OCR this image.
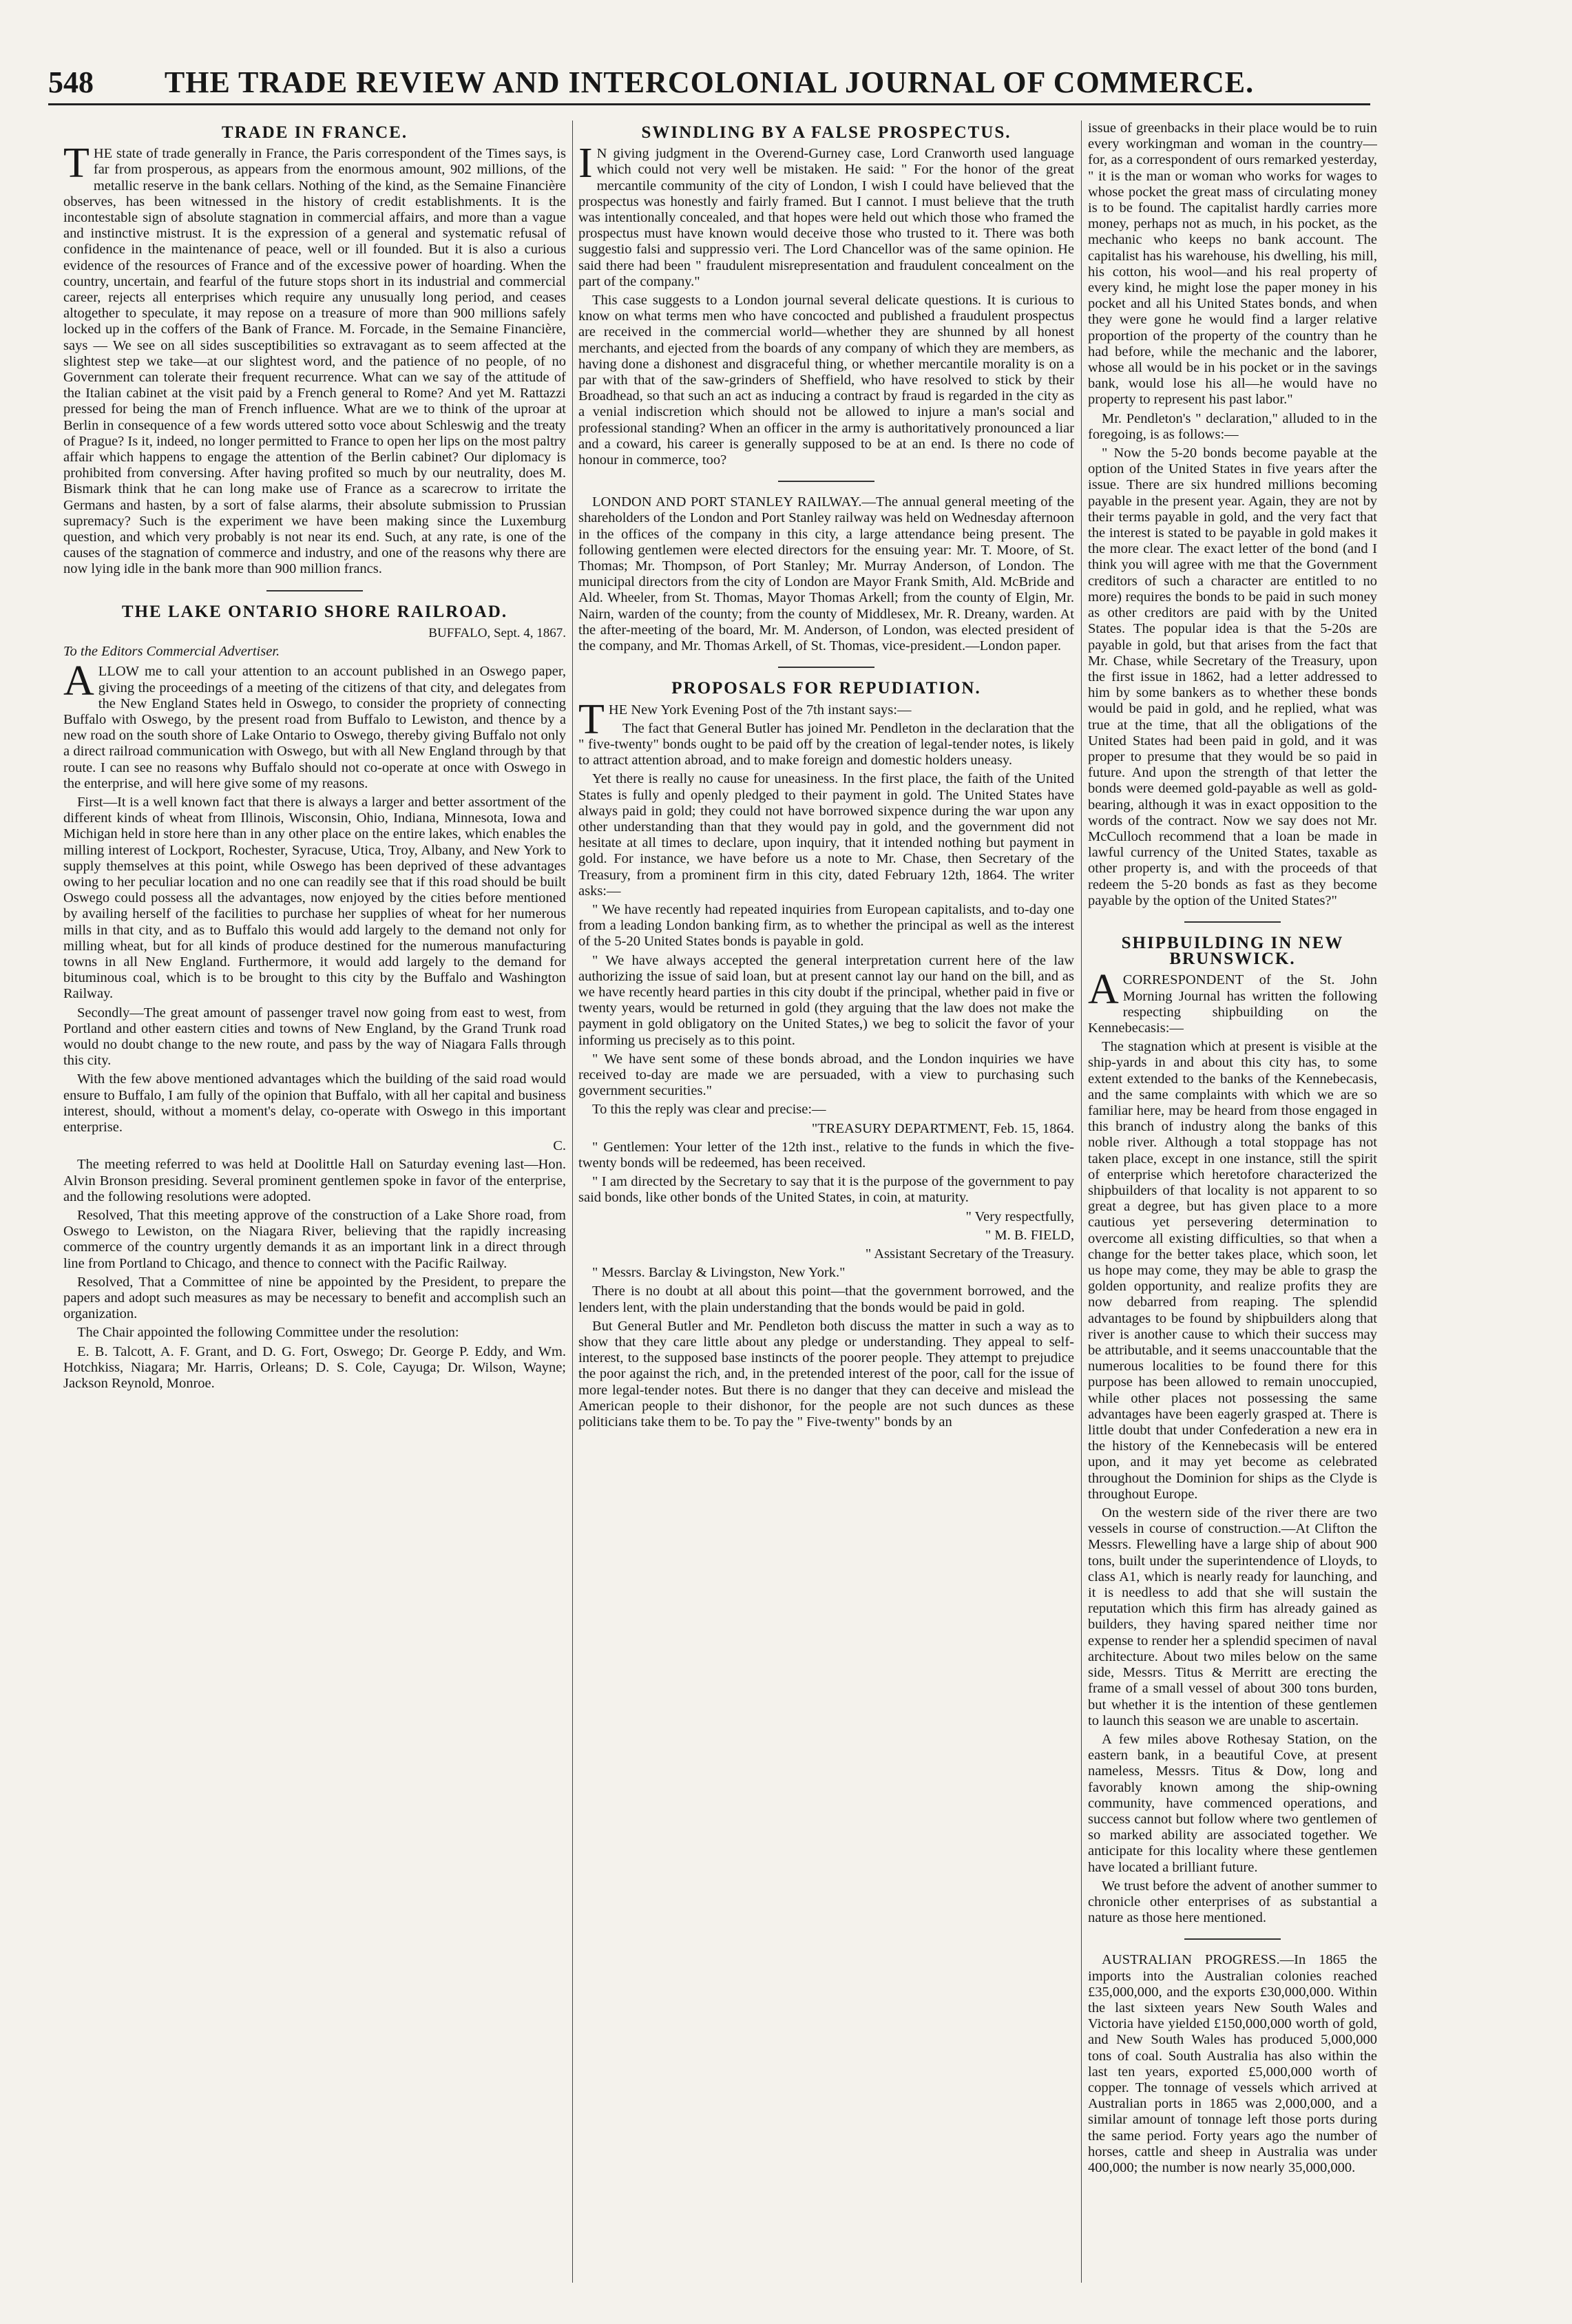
548	THE TRADE REVIEW AND INTERCOLONIAL JOURNAL OF COMMERCE.
TRADE IN FRANCE.

THE state of trade generally in France, the Paris correspondent of the Times says, is far from prosperous, as appears from the enormous amount, 902 millions, of the metallic reserve in the bank cellars. Nothing of the kind, as the Semaine Financière observes, has been witnessed in the history of credit establishments. It is the incontestable sign of absolute stagnation in commercial affairs, and more than a vague and instinctive mistrust. It is the expression of a general and systematic refusal of confidence in the maintenance of peace, well or ill founded. But it is also a curious evidence of the resources of France and of the excessive power of hoarding. When the country, uncertain, and fearful of the future stops short in its industrial and commercial career, rejects all enterprises which require any unusually long period, and ceases altogether to speculate, it may repose on a treasure of more than 900 millions safely locked up in the coffers of the Bank of France. M. Forcade, in the Semaine Financière, says — We see on all sides susceptibilities so extravagant as to seem affected at the slightest step we take—at our slightest word, and the patience of no people, of no Government can tolerate their frequent recurrence. What can we say of the attitude of the Italian cabinet at the visit paid by a French general to Rome? And yet M. Rattazzi pressed for being the man of French influence. What are we to think of the uproar at Berlin in consequence of a few words uttered sotto voce about Schleswig and the treaty of Prague? Is it, indeed, no longer permitted to France to open her lips on the most paltry affair which happens to engage the attention of the Berlin cabinet? Our diplomacy is prohibited from conversing. After having profited so much by our neutrality, does M. Bismark think that he can long make use of France as a scarecrow to irritate the Germans and hasten, by a sort of false alarms, their absolute submission to Prussian supremacy? Such is the experiment we have been making since the Luxemburg question, and which very probably is not near its end. Such, at any rate, is one of the causes of the stagnation of commerce and industry, and one of the reasons why there are now lying idle in the bank more than 900 million francs.

THE LAKE ONTARIO SHORE RAILROAD.
BUFFALO, Sept. 4, 1867.
To the Editors Commercial Advertiser.

ALLOW me to call your attention to an account published in an Oswego paper, giving the proceedings of a meeting of the citizens of that city, and delegates from the New England States held in Oswego, to consider the propriety of connecting Buffalo with Oswego, by the present road from Buffalo to Lewiston, and thence by a new road on the south shore of Lake Ontario to Oswego, thereby giving Buffalo not only a direct railroad communication with Oswego, but with all New England through by that route. I can see no reasons why Buffalo should not co-operate at once with Oswego in the enterprise, and will here give some of my reasons.

First—It is a well known fact that there is always a larger and better assortment of the different kinds of wheat from Illinois, Wisconsin, Ohio, Indiana, Minnesota, Iowa and Michigan held in store here than in any other place on the entire lakes, which enables the milling interest of Lockport, Rochester, Syracuse, Utica, Troy, Albany, and New York to supply themselves at this point, while Oswego has been deprived of these advantages owing to her peculiar location and no one can readily see that if this road should be built Oswego could possess all the advantages, now enjoyed by the cities before mentioned by availing herself of the facilities to purchase her supplies of wheat for her numerous mills in that city, and as to Buffalo this would add largely to the demand not only for milling wheat, but for all kinds of produce destined for the numerous manufacturing towns in all New England. Furthermore, it would add largely to the demand for bituminous coal, which is to be brought to this city by the Buffalo and Washington Railway.

Secondly—The great amount of passenger travel now going from east to west, from Portland and other eastern cities and towns of New England, by the Grand Trunk road would no doubt change to the new route, and pass by the way of Niagara Falls through this city.

With the few above mentioned advantages which the building of the said road would ensure to Buffalo, I am fully of the opinion that Buffalo, with all her capital and business interest, should, without a moment's delay, co-operate with Oswego in this important enterprise.

C.

The meeting referred to was held at Doolittle Hall on Saturday evening last—Hon. Alvin Bronson presiding. Several prominent gentlemen spoke in favor of the enterprise, and the following resolutions were adopted.

Resolved, That this meeting approve of the construction of a Lake Shore road, from Oswego to Lewiston, on the Niagara River, believing that the rapidly increasing commerce of the country urgently demands it as an important link in a direct through line from Portland to Chicago, and thence to connect with the Pacific Railway.

Resolved, That a Committee of nine be appointed by the President, to prepare the papers and adopt such measures as may be necessary to benefit and accomplish such an organization.

The Chair appointed the following Committee under the resolution:

E. B. Talcott, A. F. Grant, and D. G. Fort, Oswego; Dr. George P. Eddy, and Wm. Hotchkiss, Niagara; Mr. Harris, Orleans; D. S. Cole, Cayuga; Dr. Wilson, Wayne; Jackson Reynold, Monroe.

SWINDLING BY A FALSE PROSPECTUS.

IN giving judgment in the Overend-Gurney case, Lord Cranworth used language which could not very well be mistaken. He said: " For the honor of the great mercantile community of the city of London, I wish I could have believed that the prospectus was honestly and fairly framed. But I cannot. I must believe that the truth was intentionally concealed, and that hopes were held out which those who framed the prospectus must have known would deceive those who trusted to it. There was both suggestio falsi and suppressio veri. The Lord Chancellor was of the same opinion. He said there had been " fraudulent misrepresentation and fraudulent concealment on the part of the company."

This case suggests to a London journal several delicate questions. It is curious to know on what terms men who have concocted and published a fraudulent prospectus are received in the commercial world—whether they are shunned by all honest merchants, and ejected from the boards of any company of which they are members, as having done a dishonest and disgraceful thing, or whether mercantile morality is on a par with that of the saw-grinders of Sheffield, who have resolved to stick by their Broadhead, so that such an act as inducing a contract by fraud is regarded in the city as a venial indiscretion which should not be allowed to injure a man's social and professional standing? When an officer in the army is authoritatively pronounced a liar and a coward, his career is generally supposed to be at an end. Is there no code of honour in commerce, too?

LONDON AND PORT STANLEY RAILWAY.—The annual general meeting of the shareholders of the London and Port Stanley railway was held on Wednesday afternoon in the offices of the company in this city, a large attendance being present. The following gentlemen were elected directors for the ensuing year: Mr. T. Moore, of St. Thomas; Mr. Thompson, of Port Stanley; Mr. Murray Anderson, of London. The municipal directors from the city of London are Mayor Frank Smith, Ald. McBride and Ald. Wheeler, from St. Thomas, Mayor Thomas Arkell; from the county of Elgin, Mr. Nairn, warden of the county; from the county of Middlesex, Mr. R. Dreany, warden. At the after-meeting of the board, Mr. M. Anderson, of London, was elected president of the company, and Mr. Thomas Arkell, of St. Thomas, vice-president.—London paper.

PROPOSALS FOR REPUDIATION.

THE New York Evening Post of the 7th instant says:—

The fact that General Butler has joined Mr. Pendleton in the declaration that the " five-twenty" bonds ought to be paid off by the creation of legal-tender notes, is likely to attract attention abroad, and to make foreign and domestic holders uneasy.

Yet there is really no cause for uneasiness. In the first place, the faith of the United States is fully and openly pledged to their payment in gold. The United States have always paid in gold; they could not have borrowed sixpence during the war upon any other understanding than that they would pay in gold, and the government did not hesitate at all times to declare, upon inquiry, that it intended nothing but payment in gold. For instance, we have before us a note to Mr. Chase, then Secretary of the Treasury, from a prominent firm in this city, dated February 12th, 1864. The writer asks:—

" We have recently had repeated inquiries from European capitalists, and to-day one from a leading London banking firm, as to whether the principal as well as the interest of the 5-20 United States bonds is payable in gold.

" We have always accepted the general interpretation current here of the law authorizing the issue of said loan, but at present cannot lay our hand on the bill, and as we have recently heard parties in this city doubt if the principal, whether paid in five or twenty years, would be returned in gold (they arguing that the law does not make the payment in gold obligatory on the United States,) we beg to solicit the favor of your informing us precisely as to this point.

" We have sent some of these bonds abroad, and the London inquiries we have received to-day are made we are persuaded, with a view to purchasing such government securities."

To this the reply was clear and precise:—

"TREASURY DEPARTMENT, Feb. 15, 1864.

" Gentlemen: Your letter of the 12th inst., relative to the funds in which the five-twenty bonds will be redeemed, has been received.

" I am directed by the Secretary to say that it is the purpose of the government to pay said bonds, like other bonds of the United States, in coin, at maturity.

" Very respectfully,

" M. B. FIELD,

" Assistant Secretary of the Treasury.

" Messrs. Barclay & Livingston, New York."

There is no doubt at all about this point—that the government borrowed, and the lenders lent, with the plain understanding that the bonds would be paid in gold.

But General Butler and Mr. Pendleton both discuss the matter in such a way as to show that they care little about any pledge or understanding. They appeal to self-interest, to the supposed base instincts of the poorer people. They attempt to prejudice the poor against the rich, and, in the pretended interest of the poor, call for the issue of more legal-tender notes. But there is no danger that they can deceive and mislead the American people to their dishonor, for the people are not such dunces as these politicians take them to be. To pay the " Five-twenty" bonds by an

issue of greenbacks in their place would be to ruin every workingman and woman in the country—for, as a correspondent of ours remarked yesterday, " it is the man or woman who works for wages to whose pocket the great mass of circulating money is to be found. The capitalist hardly carries more money, perhaps not as much, in his pocket, as the mechanic who keeps no bank account. The capitalist has his warehouse, his dwelling, his mill, his cotton, his wool—and his real property of every kind, he might lose the paper money in his pocket and all his United States bonds, and when they were gone he would find a larger relative proportion of the property of the country than he had before, while the mechanic and the laborer, whose all would be in his pocket or in the savings bank, would lose his all—he would have no property to represent his past labor."

Mr. Pendleton's " declaration," alluded to in the foregoing, is as follows:—

" Now the 5-20 bonds become payable at the option of the United States in five years after the issue. There are six hundred millions becoming payable in the present year. Again, they are not by their terms payable in gold, and the very fact that the interest is stated to be payable in gold makes it the more clear. The exact letter of the bond (and I think you will agree with me that the Government creditors of such a character are entitled to no more) requires the bonds to be paid in such money as other creditors are paid with by the United States. The popular idea is that the 5-20s are payable in gold, but that arises from the fact that Mr. Chase, while Secretary of the Treasury, upon the first issue in 1862, had a letter addressed to him by some bankers as to whether these bonds would be paid in gold, and he replied, what was true at the time, that all the obligations of the United States had been paid in gold, and it was proper to presume that they would be so paid in future. And upon the strength of that letter the bonds were deemed gold-payable as well as gold-bearing, although it was in exact opposition to the words of the contract. Now we say does not Mr. McCulloch recommend that a loan be made in lawful currency of the United States, taxable as other property is, and with the proceeds of that redeem the 5-20 bonds as fast as they become payable by the option of the United States?"

SHIPBUILDING IN NEW BRUNSWICK.

ACORRESPONDENT of the St. John Morning Journal has written the following respecting shipbuilding on the Kennebecasis:—

The stagnation which at present is visible at the ship-yards in and about this city has, to some extent extended to the banks of the Kennebecasis, and the same complaints with which we are so familiar here, may be heard from those engaged in this branch of industry along the banks of this noble river. Although a total stoppage has not taken place, except in one instance, still the spirit of enterprise which heretofore characterized the shipbuilders of that locality is not apparent to so great a degree, but has given place to a more cautious yet persevering determination to overcome all existing difficulties, so that when a change for the better takes place, which soon, let us hope may come, they may be able to grasp the golden opportunity, and realize profits they are now debarred from reaping. The splendid advantages to be found by shipbuilders along that river is another cause to which their success may be attributable, and it seems unaccountable that the numerous localities to be found there for this purpose has been allowed to remain unoccupied, while other places not possessing the same advantages have been eagerly grasped at. There is little doubt that under Confederation a new era in the history of the Kennebecasis will be entered upon, and it may yet become as celebrated throughout the Dominion for ships as the Clyde is throughout Europe.

On the western side of the river there are two vessels in course of construction.—At Clifton the Messrs. Flewelling have a large ship of about 900 tons, built under the superintendence of Lloyds, to class A1, which is nearly ready for launching, and it is needless to add that she will sustain the reputation which this firm has already gained as builders, they having spared neither time nor expense to render her a splendid specimen of naval architecture. About two miles below on the same side, Messrs. Titus & Merritt are erecting the frame of a small vessel of about 300 tons burden, but whether it is the intention of these gentlemen to launch this season we are unable to ascertain.

A few miles above Rothesay Station, on the eastern bank, in a beautiful Cove, at present nameless, Messrs. Titus & Dow, long and favorably known among the ship-owning community, have commenced operations, and success cannot but follow where two gentlemen of so marked ability are associated together. We anticipate for this locality where these gentlemen have located a brilliant future.

We trust before the advent of another summer to chronicle other enterprises of as substantial a nature as those here mentioned.

AUSTRALIAN PROGRESS.—In 1865 the imports into the Australian colonies reached £35,000,000, and the exports £30,000,000. Within the last sixteen years New South Wales and Victoria have yielded £150,000,000 worth of gold, and New South Wales has produced 5,000,000 tons of coal. South Australia has also within the last ten years, exported £5,000,000 worth of copper. The tonnage of vessels which arrived at Australian ports in 1865 was 2,000,000, and a similar amount of tonnage left those ports during the same period. Forty years ago the number of horses, cattle and sheep in Australia was under 400,000; the number is now nearly 35,000,000.
